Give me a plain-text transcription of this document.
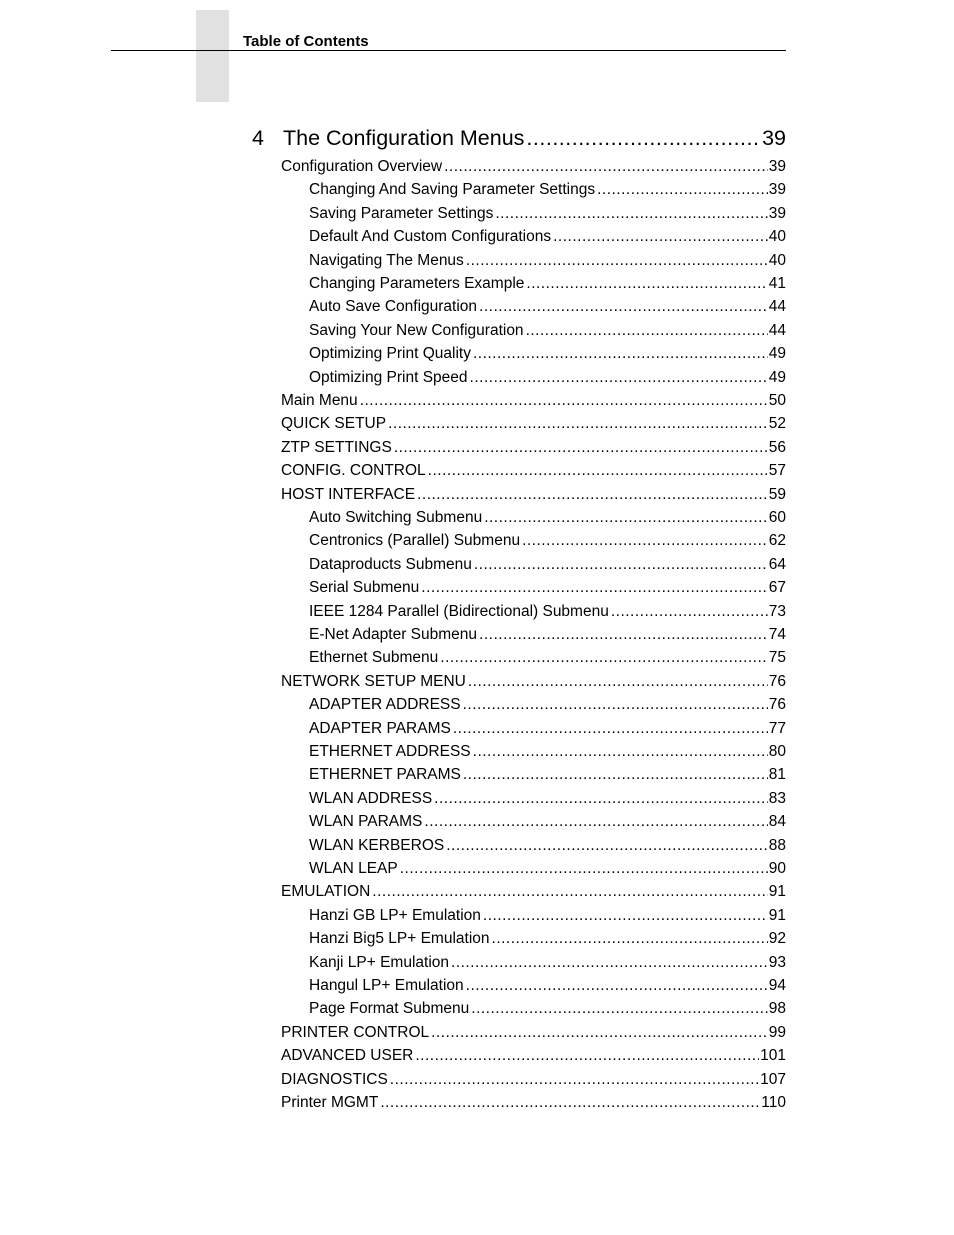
Table of Contents
4 The Configuration Menus .....	39
Configuration Overview .....	39
Changing And Saving Parameter Settings .....	39
Saving Parameter Settings .....	39
Default And Custom Configurations .....	40
Navigating The Menus .....	40
Changing Parameters Example .....	41
Auto Save Configuration .....	44
Saving Your New Configuration .....	44
Optimizing Print Quality .....	49
Optimizing Print Speed .....	49
Main Menu .....	50
QUICK SETUP .....	52
ZTP SETTINGS .....	56
CONFIG. CONTROL .....	57
HOST INTERFACE .....	59
Auto Switching Submenu .....	60
Centronics (Parallel) Submenu .....	62
Dataproducts Submenu .....	64
Serial Submenu .....	67
IEEE 1284 Parallel (Bidirectional) Submenu .....	73
E-Net Adapter Submenu .....	74
Ethernet Submenu .....	75
NETWORK SETUP MENU .....	76
ADAPTER ADDRESS .....	76
ADAPTER PARAMS .....	77
ETHERNET ADDRESS .....	80
ETHERNET PARAMS .....	81
WLAN ADDRESS .....	83
WLAN PARAMS .....	84
WLAN KERBEROS .....	88
WLAN LEAP .....	90
EMULATION .....	91
Hanzi GB LP+ Emulation .....	91
Hanzi Big5 LP+ Emulation .....	92
Kanji LP+ Emulation .....	93
Hangul LP+ Emulation .....	94
Page Format Submenu .....	98
PRINTER CONTROL .....	99
ADVANCED USER .....	101
DIAGNOSTICS .....	107
Printer MGMT .....	110
